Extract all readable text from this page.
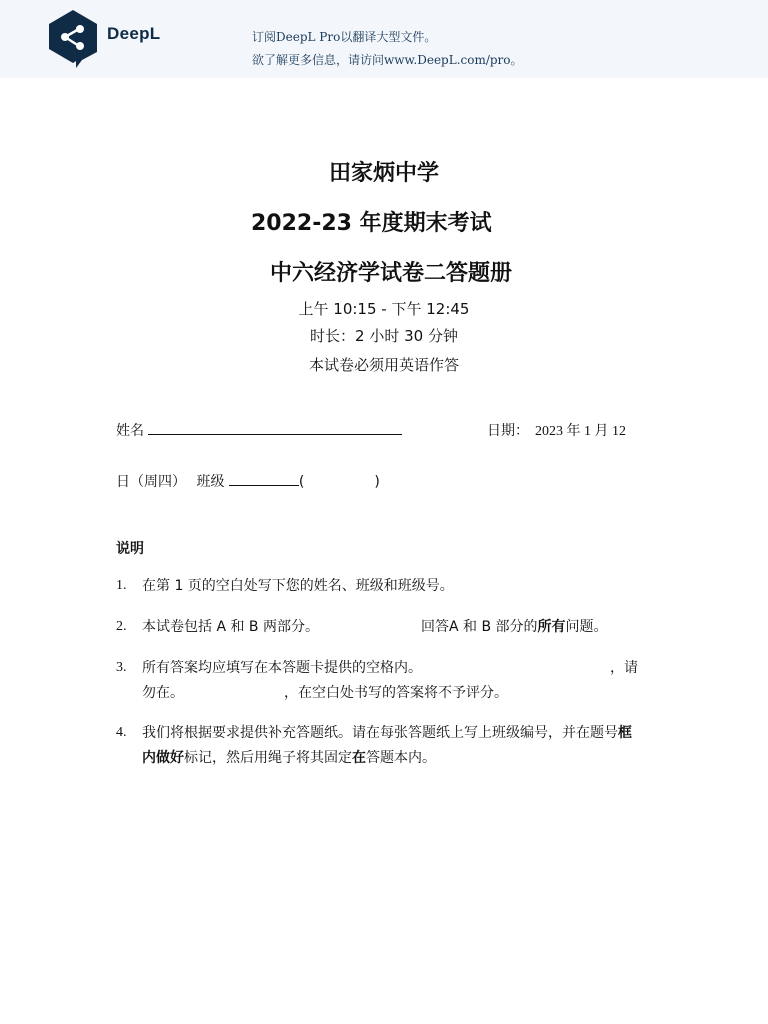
DeepL	订阅DeepL Pro以翻译大型文件。
欲了解更多信息，请访问www.DeepL.com/pro。
田家炳中学
2022-23 年度期末考试
中六经济学试卷二答题册
上午 10:15 - 下午 12:45
时长：2 小时 30 分钟
本试卷必须用英语作答
姓名	日期： 2023 年 1 月 12
日（周四） 班级	(	)
说明
1. 在第 1 页的空白处写下您的姓名、班级和班级号。
2. 本试卷包括 A 和 B 两部分。	回答A 和 B 部分的所有问题。
3. 所有答案均应填写在本答题卡提供的空格内。	，请勿在。	，在空白处书写的答案将不予评分。
4. 我们将根据要求提供补充答题纸。请在每张答题纸上写上班级编号，并在题号框内做好标记，然后用绳子将其固定在答题本内。
